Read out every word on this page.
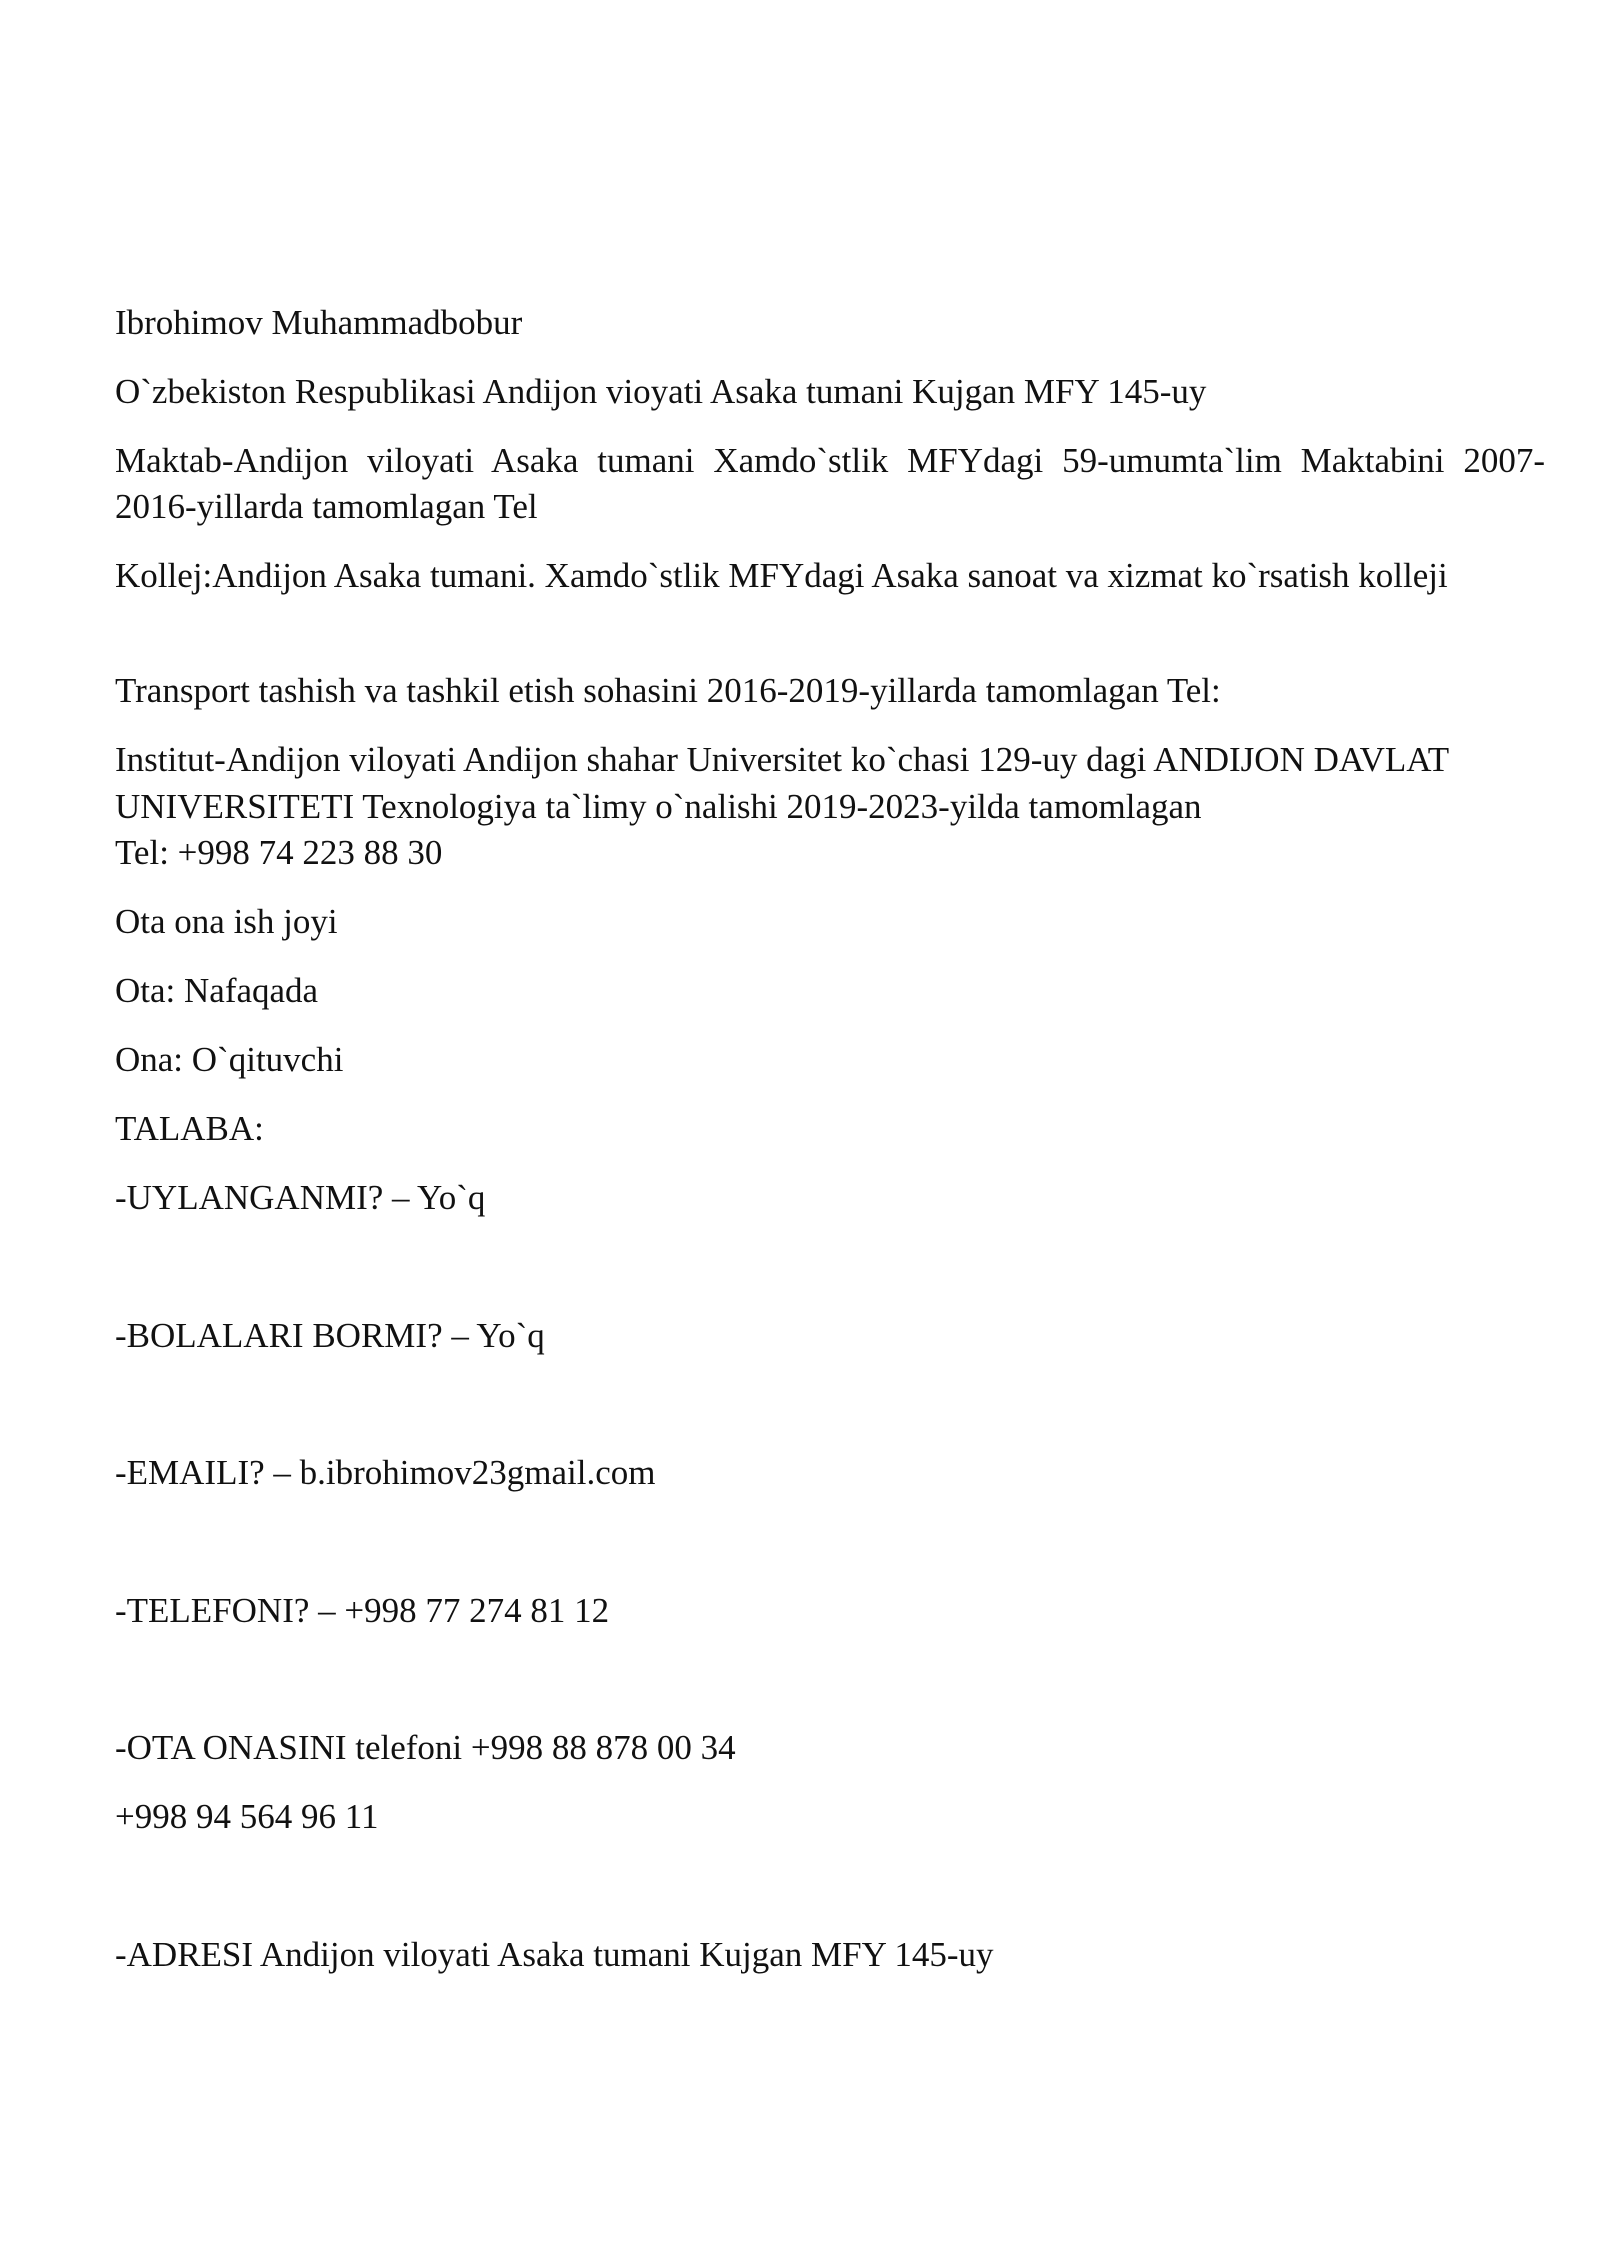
Ibrohimov Muhammadbobur

O`zbekiston Respublikasi Andijon vioyati Asaka tumani Kujgan MFY 145-uy

Maktab-Andijon viloyati Asaka tumani Xamdo`stlik MFYdagi 59-umumta`lim Maktabini 2007-2016-yillarda tamomlagan Tel

Kollej:Andijon Asaka tumani. Xamdo`stlik MFYdagi Asaka sanoat va xizmat ko`rsatish kolleji

Transport tashish va tashkil etish sohasini 2016-2019-yillarda tamomlagan Tel:

Institut-Andijon viloyati Andijon shahar Universitet ko`chasi 129-uy dagi ANDIJON DAVLAT

UNIVERSITETI Texnologiya ta`limy o`nalishi 2019-2023-yilda tamomlagan

Tel: +998 74 223 88 30

Ota ona ish joyi

Ota: Nafaqada

Ona: O`qituvchi

TALABA:

-UYLANGANMI? – Yo`q

-BOLALARI BORMI? – Yo`q

-EMAILI? – b.ibrohimov23gmail.com

-TELEFONI? – +998 77 274 81 12

-OTA ONASINI telefoni +998 88 878 00 34

+998 94 564 96 11

-ADRESI Andijon viloyati Asaka tumani Kujgan MFY 145-uy
